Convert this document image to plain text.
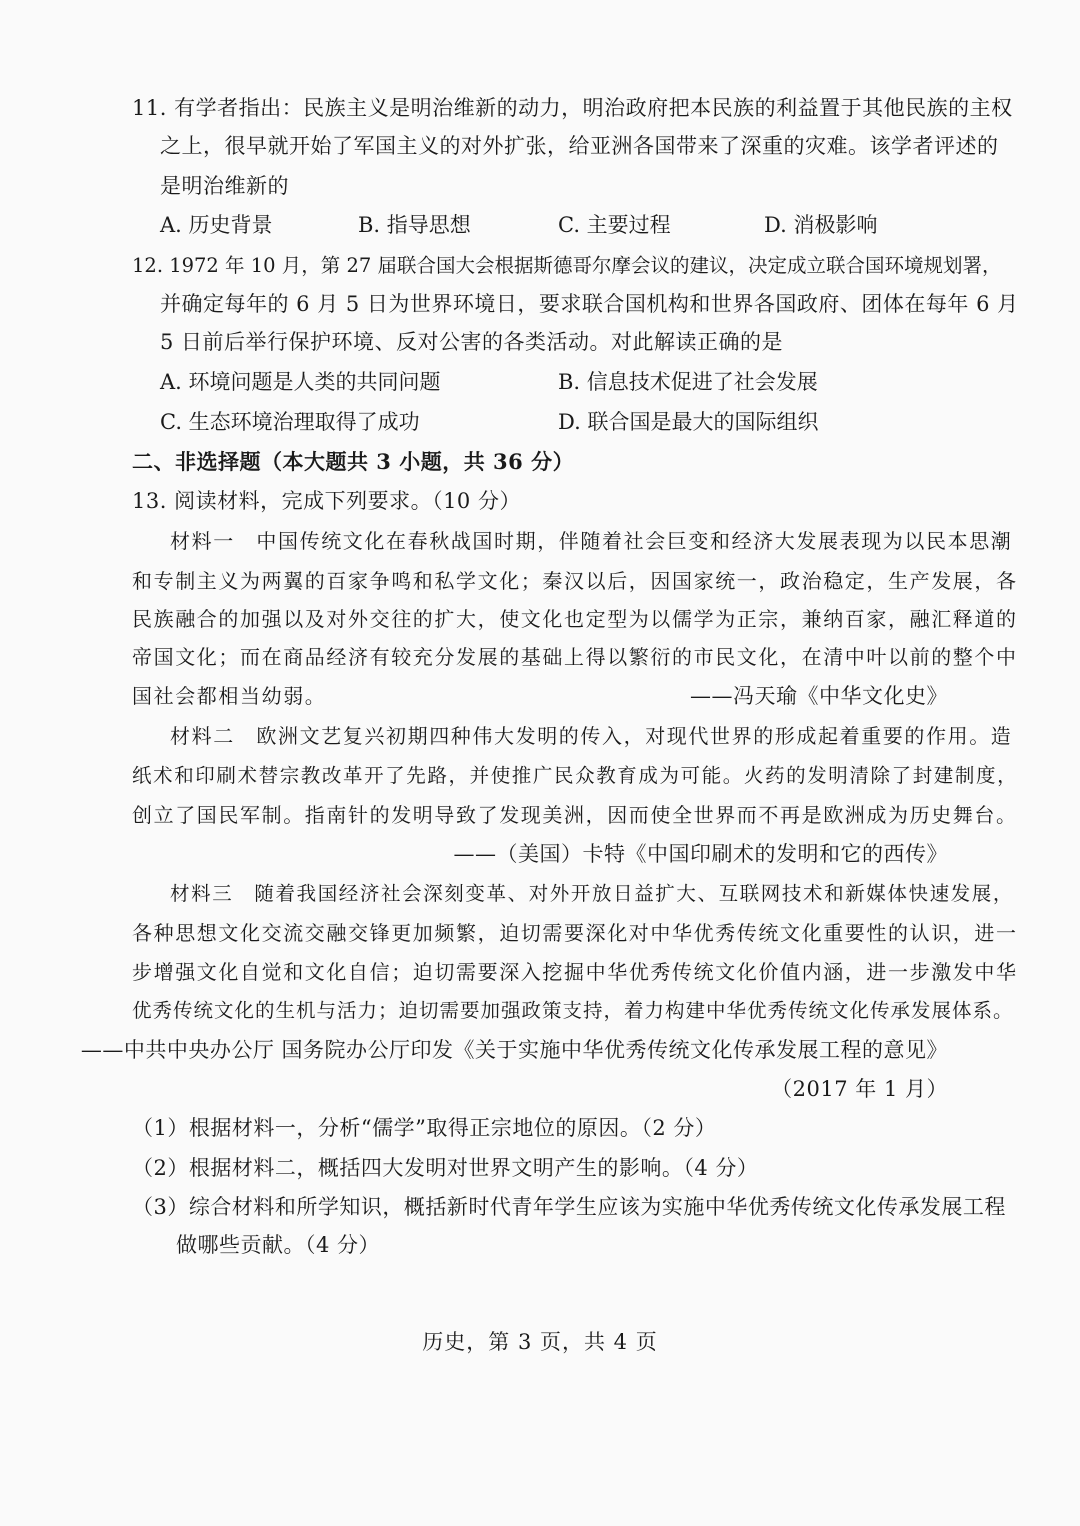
11. 有学者指出：民族主义是明治维新的动力，明治政府把本民族的利益置于其他民族的主权
之上，很早就开始了军国主义的对外扩张，给亚洲各国带来了深重的灾难。该学者评述的
是明治维新的
A. 历史背景	B. 指导思想	C. 主要过程	D. 消极影响
12. 1972 年 10 月，第 27 届联合国大会根据斯德哥尔摩会议的建议，决定成立联合国环境规划署，
并确定每年的 6 月 5 日为世界环境日，要求联合国机构和世界各国政府、团体在每年 6 月
5 日前后举行保护环境、反对公害的各类活动。对此解读正确的是
A. 环境问题是人类的共同问题	B. 信息技术促进了社会发展
C. 生态环境治理取得了成功	D. 联合国是最大的国际组织
二、非选择题（本大题共 3 小题，共 36 分）
13. 阅读材料，完成下列要求。（10 分）
材料一　中国传统文化在春秋战国时期，伴随着社会巨变和经济大发展表现为以民本思潮
和专制主义为两翼的百家争鸣和私学文化；秦汉以后，因国家统一，政治稳定，生产发展，各
民族融合的加强以及对外交往的扩大，使文化也定型为以儒学为正宗，兼纳百家，融汇释道的
帝国文化；而在商品经济有较充分发展的基础上得以繁衍的市民文化，在清中叶以前的整个中
国社会都相当幼弱。	——冯天瑜《中华文化史》
材料二　欧洲文艺复兴初期四种伟大发明的传入，对现代世界的形成起着重要的作用。造
纸术和印刷术替宗教改革开了先路，并使推广民众教育成为可能。火药的发明清除了封建制度，
创立了国民军制。指南针的发明导致了发现美洲，因而使全世界而不再是欧洲成为历史舞台。
——（美国）卡特《中国印刷术的发明和它的西传》
材料三　随着我国经济社会深刻变革、对外开放日益扩大、互联网技术和新媒体快速发展，
各种思想文化交流交融交锋更加频繁，迫切需要深化对中华优秀传统文化重要性的认识，进一
步增强文化自觉和文化自信；迫切需要深入挖掘中华优秀传统文化价值内涵，进一步激发中华
优秀传统文化的生机与活力；迫切需要加强政策支持，着力构建中华优秀传统文化传承发展体系。
——中共中央办公厅 国务院办公厅印发《关于实施中华优秀传统文化传承发展工程的意见》
（2017 年 1 月）
（1）根据材料一，分析“儒学”取得正宗地位的原因。（2 分）
（2）根据材料二，概括四大发明对世界文明产生的影响。（4 分）
（3）综合材料和所学知识，概括新时代青年学生应该为实施中华优秀传统文化传承发展工程
做哪些贡献。（4 分）
历史，第 3 页，共 4 页
